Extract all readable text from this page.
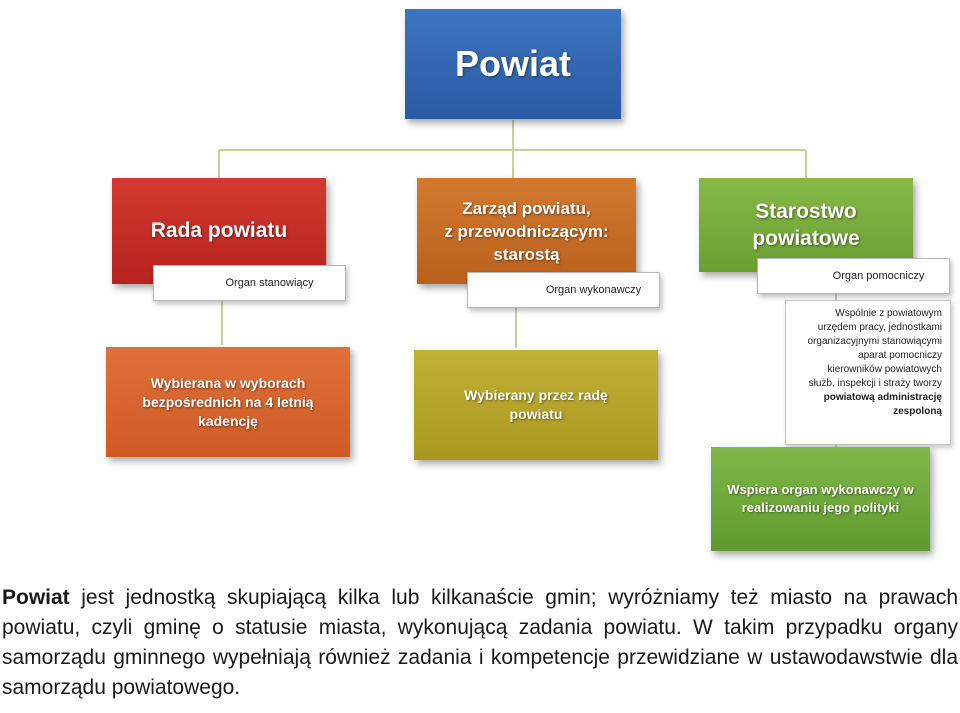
Powiat
Rada powiatu
Organ stanowiący
Wybierana w wyborach bezpośrednich na 4 letnią kadencję
Zarząd powiatu,
z przewodniczącym:
starostą
Organ wykonawczy
Wybierany przez radę powiatu
Starostwo
powiatowe
Organ pomocniczy
Wspólnie z powiatowym
urzędem pracy, jednostkami
organizacyjnymi stanowiącymi
aparat pomocniczy
kierowników powiatowych
służb, inspekcji i straży tworzy
powiatową administrację
zespoloną
Wspiera organ wykonawczy w realizowaniu jego polityki
Powiat jest jednostką skupiającą kilka lub kilkanaście gmin; wyróżniamy też miasto na prawach powiatu, czyli gminę o statusie miasta, wykonującą zadania powiatu. W takim przypadku organy samorządu gminnego wypełniają również zadania i kompetencje przewidziane w ustawodawstwie dla samorządu powiatowego.
